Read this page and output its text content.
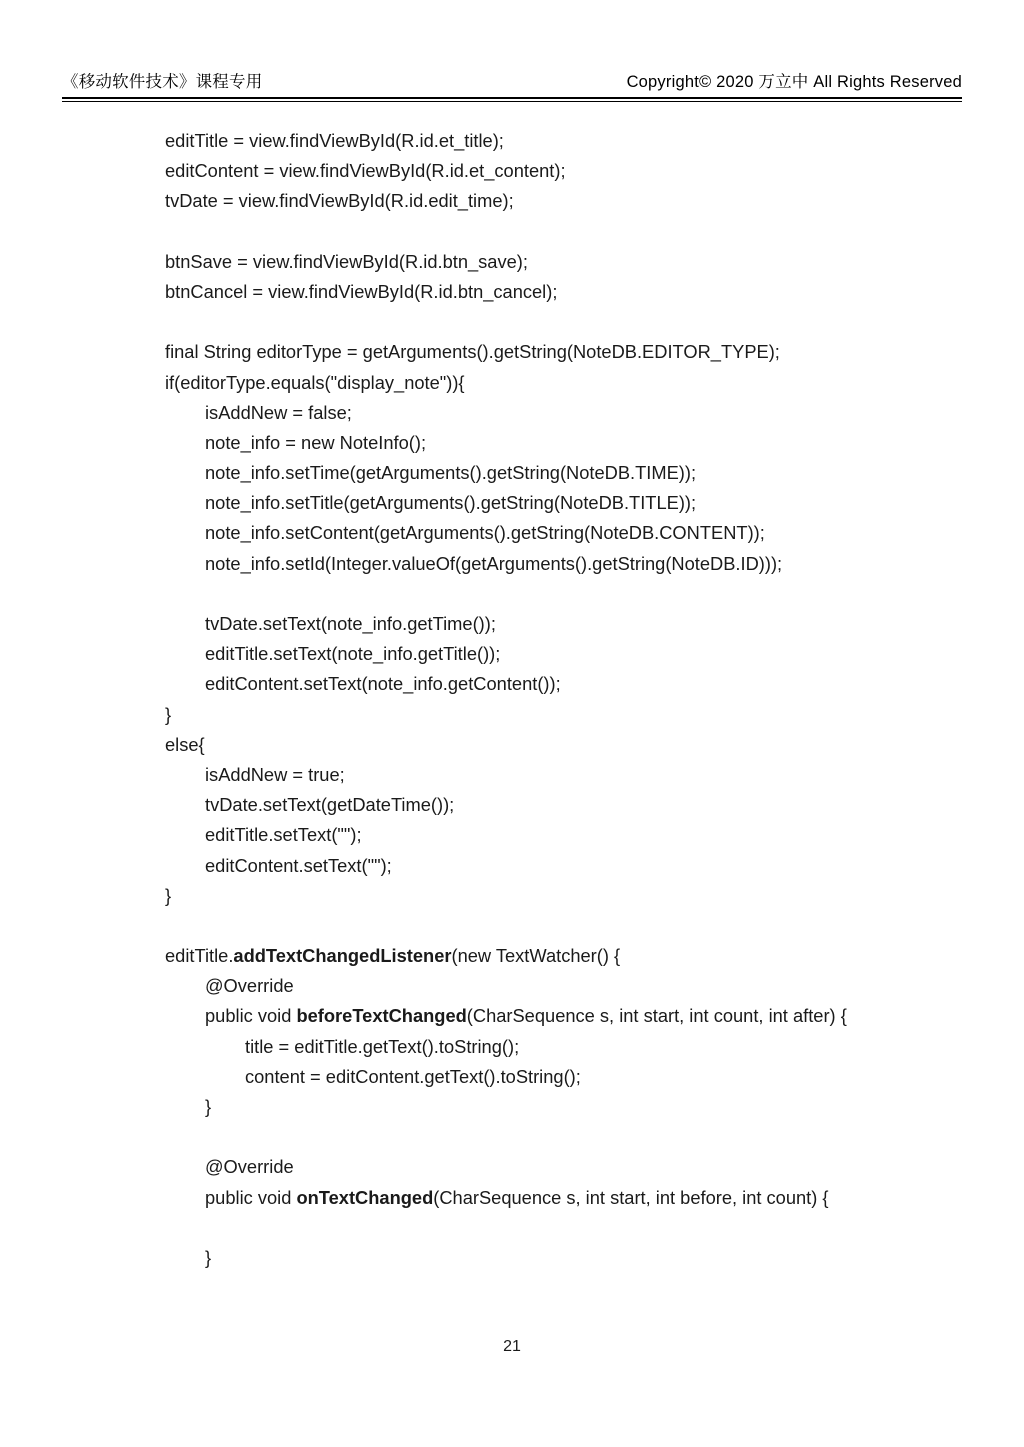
《移动软件技术》课程专用	Copyright© 2020 万立中 All Rights Reserved
editTitle = view.findViewById(R.id.et_title);
editContent = view.findViewById(R.id.et_content);
tvDate = view.findViewById(R.id.edit_time);

btnSave = view.findViewById(R.id.btn_save);
btnCancel = view.findViewById(R.id.btn_cancel);

final String editorType = getArguments().getString(NoteDB.EDITOR_TYPE);
if(editorType.equals("display_note")){
isAddNew = false;
note_info = new NoteInfo();
note_info.setTime(getArguments().getString(NoteDB.TIME));
note_info.setTitle(getArguments().getString(NoteDB.TITLE));
note_info.setContent(getArguments().getString(NoteDB.CONTENT));
note_info.setId(Integer.valueOf(getArguments().getString(NoteDB.ID)));

tvDate.setText(note_info.getTime());
editTitle.setText(note_info.getTitle());
editContent.setText(note_info.getContent());
}
else{
isAddNew = true;
tvDate.setText(getDateTime());
editTitle.setText("");
editContent.setText("");
}

editTitle.addTextChangedListener(new TextWatcher() {
@Override
public void beforeTextChanged(CharSequence s, int start, int count, int after) {
title = editTitle.getText().toString();
content = editContent.getText().toString();
}

@Override
public void onTextChanged(CharSequence s, int start, int before, int count) {

}
21
